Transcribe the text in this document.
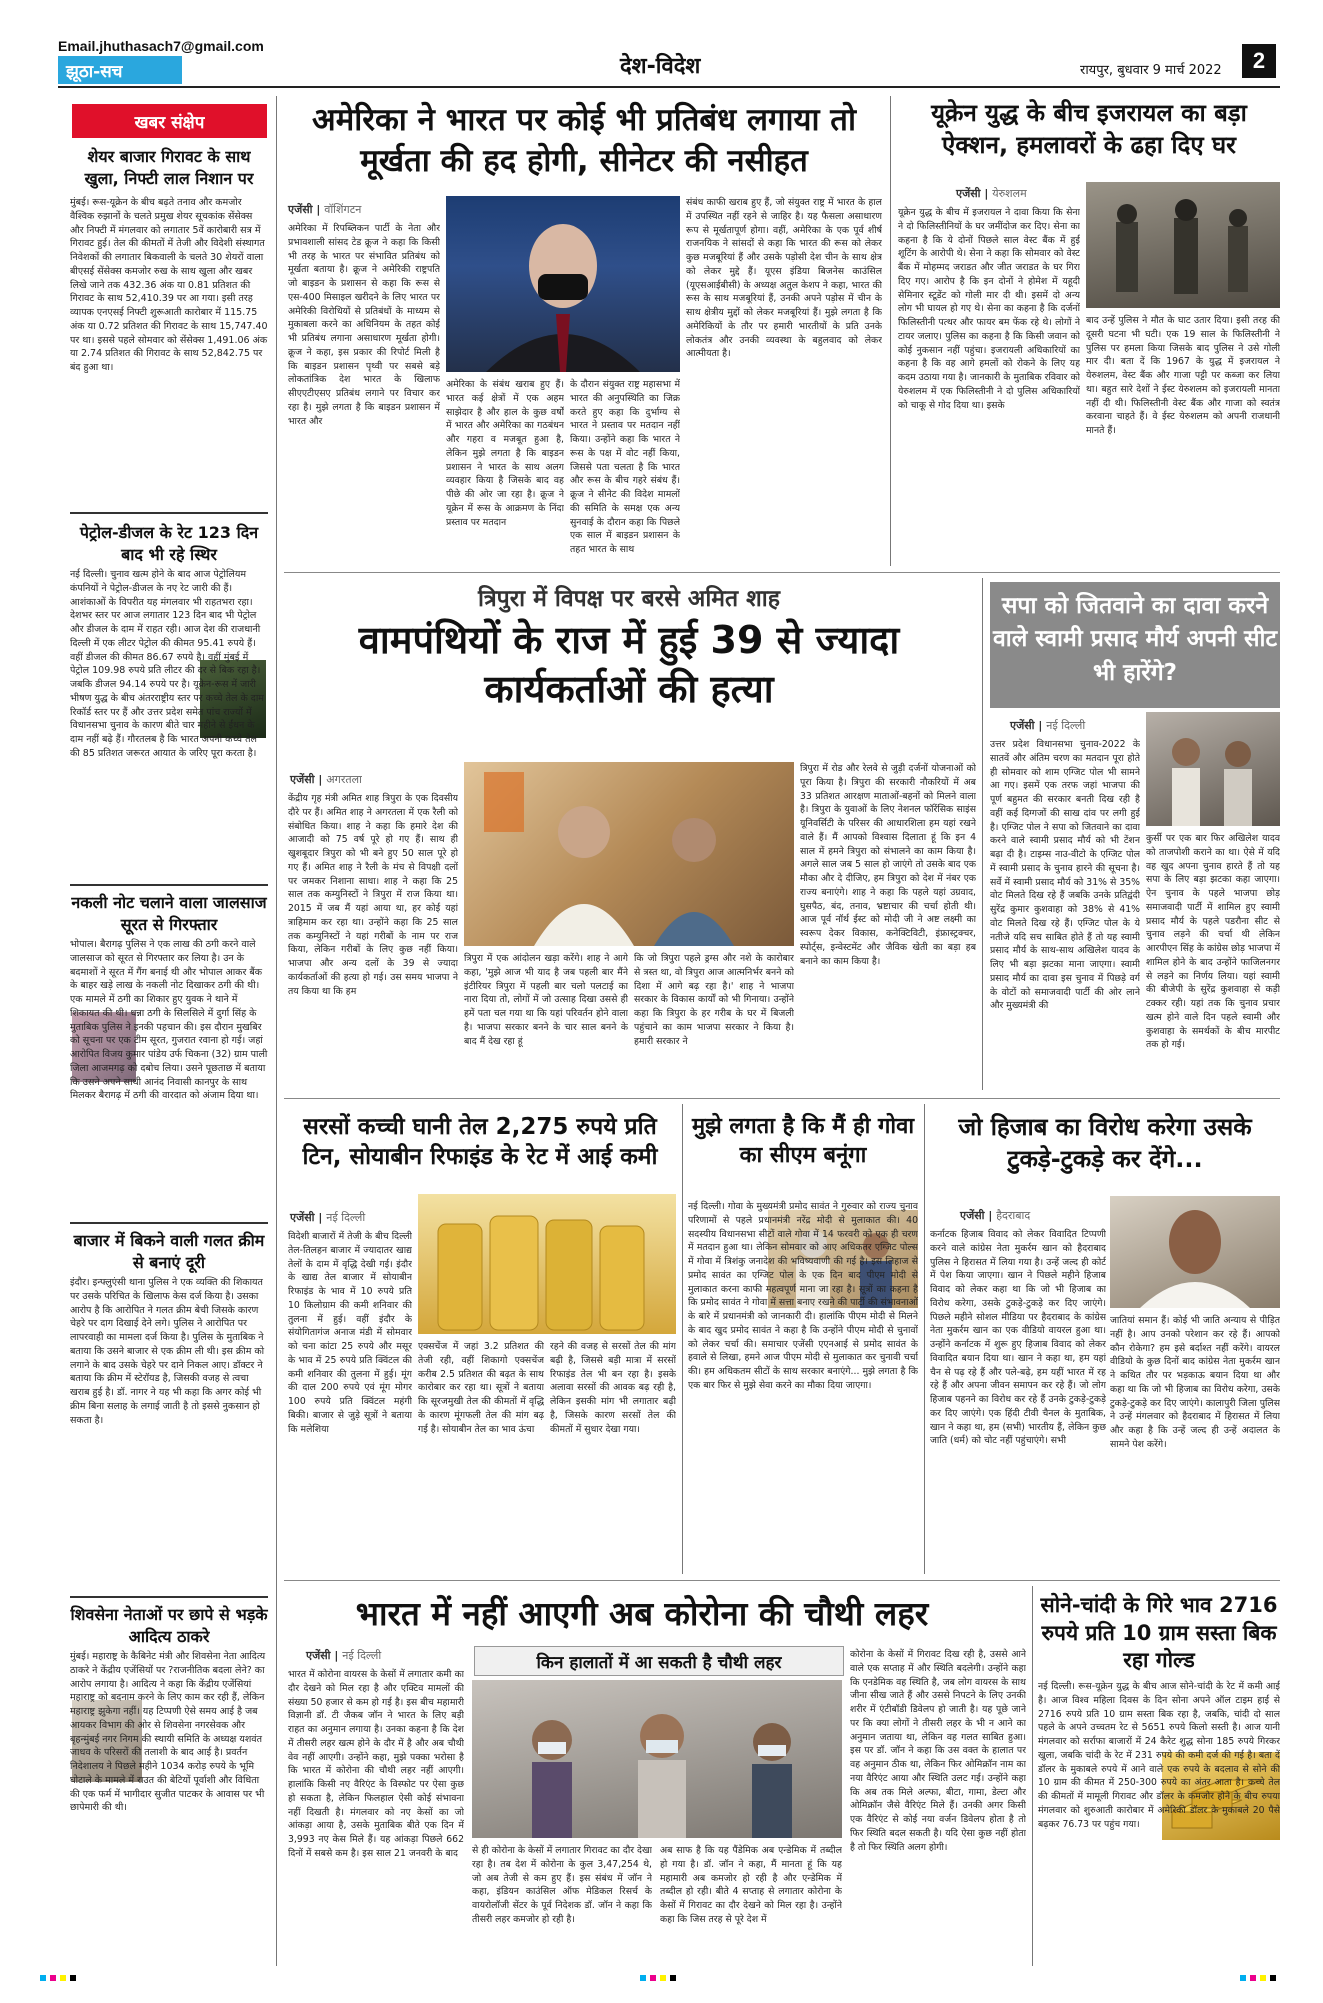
Email.jhuthasach7@gmail.com
झूठा-सच	देश-विदेश	रायपुर, बुधवार 9 मार्च 2022	2
खबर संक्षेप
शेयर बाजार गिरावट के साथ खुला, निफ्टी लाल निशान पर
मुंबई। रूस-यूक्रेन के बीच बढ़ते तनाव और कमजोर वैश्विक रुझानों के चलते प्रमुख शेयर सूचकांक सेंसेक्स और निफ्टी में मंगलवार को लगातार 5वें कारोबारी सत्र में गिरावट हुई। तेल की कीमतों में तेजी और विदेशी संस्थागत निवेशकों की लगातार बिकवाली के चलते 30 शेयरों वाला बीएसई सेंसेक्स कमजोर रुख के साथ खुला और खबर लिखे जाने तक 432.36 अंक या 0.81 प्रतिशत की गिरावट के साथ 52,410.39 पर आ गया। इसी तरह व्यापक एनएसई निफ्टी शुरूआती कारोबार में 115.75 अंक या 0.72 प्रतिशत की गिरावट के साथ 15,747.40 पर था। इससे पहले सोमवार को सेंसेक्स 1,491.06 अंक या 2.74 प्रतिशत की गिरावट के साथ 52,842.75 पर बंद हुआ था।
पेट्रोल-डीजल के रेट 123 दिन बाद भी रहे स्थिर
नई दिल्ली। चुनाव खत्म होने के बाद आज पेट्रोलियम कंपनियों ने पेट्रोल-डीजल के नए रेट जारी की हैं। आशंकाओं के विपरीत यह मंगलवार भी राहतभरा रहा। देशभर स्तर पर आज लगातार 123 दिन बाद भी पेट्रोल और डीजल के दाम में राहत रही। आज देश की राजधानी दिल्ली में एक लीटर पेट्रोल की कीमत 95.41 रुपये हैं। वहीं डीजल की कीमत 86.67 रुपये है। वहीं मुंबई में पेट्रोल 109.98 रुपये प्रति लीटर की दर से बिक रहा है। जबकि डीजल 94.14 रुपये पर है। यूक्रेन-रूस में जारी भीषण युद्ध के बीच अंतरराष्ट्रीय स्तर पर कच्चे तेल के दाम रिकॉर्ड स्तर पर हैं और उत्तर प्रदेश समेत पांच राज्यों में विधानसभा चुनाव के कारण बीते चार महीने से ईंधन के दाम नहीं बढ़े हैं। गौरतलब है कि भारत अपनी कच्चे तेल की 85 प्रतिशत जरूरत आयात के जरिए पूरा करता है।
नकली नोट चलाने वाला जालसाज सूरत से गिरफ्तार
भोपाल। बैरागढ़ पुलिस ने एक लाख की ठगी करने वाले जालसाज को सूरत से गिरफ्तार कर लिया है। उन के बदमाशों ने सूरत में गैंग बनाई थी और भोपाल आकर बैंक के बाहर खड़े लाख के नकली नोट दिखाकर ठगी की थी। एक मामले में ठगी का शिकार हुए युवक ने थाने में शिकायत की थी। धन्ना ठगी के सिलसिले में दुर्गा सिंह के मुताबिक पुलिस ने इनकी पहचान की। इस दौरान मुखबिर को सूचना पर एक टीम सूरत, गुजरात रवाना हो गई। जहां आरोपित विजय कुमार पांडेय उर्फ चिकना (32) ग्राम पाली जिला आजमगढ़ को दबोच लिया। उसने पूछताछ में बताया कि उसने अपने साथी आनंद निवासी कानपुर के साथ मिलकर बैरागढ़ में ठगी की वारदात को अंजाम दिया था।
बाजार में बिकने वाली गलत क्रीम से बनाएं दूरी
इंदौर। इन्फ्लुएंसी थाना पुलिस ने एक व्यक्ति की शिकायत पर उसके परिचित के खिलाफ केस दर्ज किया है। उसका आरोप है कि आरोपित ने गलत क्रीम बेची जिसके कारण चेहरे पर दाग दिखाई देने लगे। पुलिस ने आरोपित पर लापरवाही का मामला दर्ज किया है। पुलिस के मुताबिक ने बताया कि उसने बाजार से एक क्रीम ली थी। इस क्रीम को लगाने के बाद उसके चेहरे पर दाने निकल आए। डॉक्टर ने बताया कि क्रीम में स्टेरॉयड है, जिसकी वजह से त्वचा खराब हुई है। डॉ. नागर ने यह भी कहा कि अगर कोई भी क्रीम बिना सलाह के लगाई जाती है तो इससे नुकसान हो सकता है।
शिवसेना नेताओं पर छापे से भड़के आदित्य ठाकरे
मुंबई। महाराष्ट्र के कैबिनेट मंत्री और शिवसेना नेता आदित्य ठाकरे ने केंद्रीय एजेंसियों पर ?राजनीतिक बदला लेने? का आरोप लगाया है। आदित्य ने कहा कि केंद्रीय एजेंसियां महाराष्ट्र को बदनाम करने के लिए काम कर रही हैं, लेकिन महाराष्ट्र झुकेगा नहीं। यह टिप्पणी ऐसे समय आई है जब आयकर विभाग की ओर से शिवसेना नगरसेवक और बृहन्मुंबई नगर निगम की स्थायी समिति के अध्यक्ष यशवंत जाधव के परिसरों की तलाशी के बाद आई है। प्रवर्तन निदेशालय ने पिछले महीने 1034 करोड़ रुपये के भूमि घोटाले के मामले में राउत की बेटियों पूर्वाशी और विधिता की एक फर्म में भागीदार सुजीत पाटकर के आवास पर भी छापेमारी की थी।
अमेरिका ने भारत पर कोई भी प्रतिबंध लगाया तो मूर्खता की हद होगी, सीनेटर की नसीहत
एजेंसी | वॉशिंगटन
अमेरिका में रिपब्लिकन पार्टी के नेता और प्रभावशाली सांसद टेड क्रूज ने कहा कि किसी भी तरह के भारत पर संभावित प्रतिबंध को मूर्खता बताया है। क्रूज ने अमेरिकी राष्ट्रपति जो बाइडन के प्रशासन से कहा कि रूस से एस-400 मिसाइल खरीदने के लिए भारत पर अमेरिकी विरोधियों से प्रतिबंधों के माध्यम से मुकाबला करने का अधिनियम के तहत कोई भी प्रतिबंध लगाना असाधारण मूर्खता होगी। क्रूज ने कहा, इस प्रकार की रिपोर्ट मिली है कि बाइडन प्रशासन पृथ्वी पर सबसे बड़े लोकतांत्रिक देश भारत के खिलाफ सीएएटीएसए प्रतिबंध लगाने पर विचार कर रहा है। मुझे लगता है कि बाइडन प्रशासन में भारत और
अमेरिका के संबंध खराब हुए हैं। भारत कई क्षेत्रों में एक अहम साझेदार है और हाल के कुछ वर्षों में भारत और अमेरिका का गठबंधन और गहरा व मजबूत हुआ है, लेकिन मुझे लगता है कि बाइडन प्रशासन ने भारत के साथ अलग व्यवहार किया है जिसके बाद वह पीछे की ओर जा रहा है। क्रूज ने यूक्रेन में रूस के आक्रमण के निंदा प्रस्ताव पर मतदान
के दौरान संयुक्त राष्ट्र महासभा में भारत की अनुपस्थिति का जिक्र करते हुए कहा कि दुर्भाग्य से भारत ने प्रस्ताव पर मतदान नहीं किया। उन्होंने कहा कि भारत ने रूस के पक्ष में वोट नहीं किया, जिससे पता चलता है कि भारत और रूस के बीच गहरे संबंध हैं। क्रूज ने सीनेट की विदेश मामलों की समिति के समक्ष एक अन्य सुनवाई के दौरान कहा कि पिछले एक साल में बाइडन प्रशासन के तहत भारत के साथ
संबंध काफी खराब हुए हैं, जो संयुक्त राष्ट्र में भारत के हाल में उपस्थित नहीं रहने से जाहिर है। यह फैसला असाधारण रूप से मूर्खतापूर्ण होगा। वहीं, अमेरिका के एक पूर्व शीर्ष राजनयिक ने सांसदों से कहा कि भारत की रूस को लेकर कुछ मजबूरियां हैं और उसके पड़ोसी देश चीन के साथ क्षेत्र को लेकर मुद्दे हैं। यूएस इंडिया बिजनेस काउंसिल (यूएसआईबीसी) के अध्यक्ष अतुल केशप ने कहा, भारत की रूस के साथ मजबूरियां हैं, उनकी अपने पड़ोस में चीन के साथ क्षेत्रीय मुद्दों को लेकर मजबूरियां हैं। मुझे लगता है कि अमेरिकियों के तौर पर हमारी भारतीयों के प्रति उनके लोकतंत्र और उनकी व्यवस्था के बहुलवाद को लेकर आत्मीयता है।
यूक्रेन युद्ध के बीच इजरायल का बड़ा ऐक्शन, हमलावरों के ढहा दिए घर
एजेंसी | येरुशलम
यूक्रेन युद्ध के बीच में इजरायल ने दावा किया कि सेना ने दो फिलिस्तीनियों के घर जमींदोज कर दिए। सेना का कहना है कि ये दोनों पिछले साल वेस्ट बैंक में हुई शूटिंग के आरोपी थे। सेना ने कहा कि सोमवार को वेस्ट बैंक में मोहम्मद जराडत और जीत जराडत के घर गिरा दिए गए। आरोप है कि इन दोनों ने होमेश में यहूदी सेमिनार स्टूडेंट को गोली मार दी थी। इसमें दो अन्य लोग भी घायल हो गए थे। सेना का कहना है कि दर्जनों फिलिस्तीनी पत्थर और फायर बम फेंक रहे थे। लोगों ने टायर जलाए। पुलिस का कहना है कि किसी जवान को कोई नुकसान नहीं पहुंचा। इजरायली अधिकारियों का कहना है कि वह आगे हमलों को रोकने के लिए यह कदम उठाया गया है। जानकारी के मुताबिक रविवार को येरुशलम में एक फिलिस्तीनी ने दो पुलिस अधिकारियों को चाकू से गोद दिया था। इसके
बाद उन्हें पुलिस ने मौत के घाट उतार दिया। इसी तरह की दूसरी घटना भी घटी। एक 19 साल के फिलिस्तीनी ने पुलिस पर हमला किया जिसके बाद पुलिस ने उसे गोली मार दी। बता दें कि 1967 के युद्ध में इजरायल ने येरुशलम, वेस्ट बैंक और गाजा पट्टी पर कब्जा कर लिया था। बहुत सारे देशों ने ईस्ट येरुशलम को इजरायली मानता नहीं दी थी। फिलिस्तीनी वेस्ट बैंक और गाजा को स्वतंत्र करवाना चाहते हैं। वे ईस्ट येरुशलम को अपनी राजधानी मानते हैं।
त्रिपुरा में विपक्ष पर बरसे अमित शाह
वामपंथियों के राज में हुई 39 से ज्यादा कार्यकर्ताओं की हत्या
एजेंसी | अगरतला
केंद्रीय गृह मंत्री अमित शाह त्रिपुरा के एक दिवसीय दौरे पर हैं। अमित शाह ने अगरतला में एक रैली को संबोधित किया। शाह ने कहा कि हमारे देश की आजादी को 75 वर्ष पूरे हो गए हैं। साथ ही खुशबूदार त्रिपुरा को भी बने हुए 50 साल पूरे हो गए हैं। अमित शाह ने रैली के मंच से विपक्षी दलों पर जमकर निशाना साधा। शाह ने कहा कि 25 साल तक कम्युनिस्टों ने त्रिपुरा में राज किया था। 2015 में जब मैं यहां आया था, हर कोई यहां त्राहिमाम कर रहा था। उन्होंने कहा कि 25 साल तक कम्युनिस्टों ने यहां गरीबों के नाम पर राज किया, लेकिन गरीबों के लिए कुछ नहीं किया। भाजपा और अन्य दलों के 39 से ज्यादा कार्यकर्ताओं की हत्या हो गई। उस समय भाजपा ने तय किया था कि हम
त्रिपुरा में एक आंदोलन खड़ा करेंगे। शाह ने आगे कहा, 'मुझे आज भी याद है जब पहली बार मैंने इंटीरियर त्रिपुरा में पहली बार चलो पलटाई का नारा दिया तो, लोगों में जो उत्साह दिखा उससे ही हमें पता चल गया था कि यहां परिवर्तन होने वाला है। भाजपा सरकार बनने के चार साल बनने के बाद मैं देख रहा हूं
कि जो त्रिपुरा पहले ड्रग्स और नशे के कारोबार से त्रस्त था, वो त्रिपुरा आज आत्मनिर्भर बनने को दिशा में आगे बढ़ रहा है।' शाह ने भाजपा सरकार के विकास कार्यों को भी गिनाया। उन्होंने कहा कि त्रिपुरा के हर गरीब के घर में बिजली पहुंचाने का काम भाजपा सरकार ने किया है। हमारी सरकार ने
त्रिपुरा में रोड और रेलवे से जुड़ी दर्जनों योजनाओं को पूरा किया है। त्रिपुरा की सरकारी नौकरियों में अब 33 प्रतिशत आरक्षण माताओं-बहनों को मिलने वाला है। त्रिपुरा के युवाओं के लिए नेशनल फॉरेंसिक साइंस यूनिवर्सिटी के परिसर की आधारशिला हम यहां रखने वाले हैं। मैं आपको विश्वास दिलाता हूं कि इन 4 साल में हमने त्रिपुरा को संभालने का काम किया है। अगले साल जब 5 साल हो जाएंगे तो उसके बाद एक मौका और दे दीजिए, हम त्रिपुरा को देश में नंबर एक राज्य बनाएंगे। शाह ने कहा कि पहले यहां उग्रवाद, घुसपैठ, बंद, तनाव, भ्रष्टाचार की चर्चा होती थी। आज पूर्व नॉर्थ ईस्ट को मोदी जी ने अष्ट लक्ष्मी का स्वरूप देकर विकास, कनेक्टिविटी, इंफ्रास्ट्रक्चर, स्पोर्ट्स, इन्वेस्टमेंट और जैविक खेती का बड़ा हब बनाने का काम किया है।
सपा को जितवाने का दावा करने वाले स्वामी प्रसाद मौर्य अपनी सीट भी हारेंगे?
एजेंसी | नई दिल्ली
उत्तर प्रदेश विधानसभा चुनाव-2022 के सातवें और अंतिम चरण का मतदान पूरा होते ही सोमवार को शाम एग्जिट पोल भी सामने आ गए। इसमें एक तरफ जहां भाजपा की पूर्ण बहुमत की सरकार बनती दिख रही है वहीं कई दिग्गजों की साख दांव पर लगी हुई है। एग्जिट पोल ने सपा को जितवाने का दावा करने वाले स्वामी प्रसाद मौर्य को भी टेंशन बढ़ा दी है। टाइम्स नाउ-वीटो के एग्जिट पोल में स्वामी प्रसाद के चुनाव हारने की सूचना है। सर्वे में स्वामी प्रसाद मौर्य को 31% से 35% वोट मिलते दिख रहे हैं जबकि उनके प्रतिद्वंदी सुरेंद्र कुमार कुशवाहा को 38% से 41% वोट मिलते दिख रहे हैं। एग्जिट पोल के ये नतीजे यदि सच साबित होते हैं तो यह स्वामी प्रसाद मौर्य के साथ-साथ अखिलेश यादव के लिए भी बड़ा झटका माना जाएगा। स्वामी प्रसाद मौर्य का दावा इस चुनाव में पिछड़े वर्ग के वोटों को समाजवादी पार्टी की ओर लाने और मुख्यमंत्री की
कुर्सी पर एक बार फिर अखिलेश यादव को ताजपोशी कराने का था। ऐसे में यदि वह खुद अपना चुनाव हारते हैं तो यह सपा के लिए बड़ा झटका कहा जाएगा। ऐन चुनाव के पहले भाजपा छोड़ समाजवादी पार्टी में शामिल हुए स्वामी प्रसाद मौर्य के पहले पडरौना सीट से चुनाव लड़ने की चर्चा थी लेकिन आरपीएन सिंह के कांग्रेस छोड़ भाजपा में शामिल होने के बाद उन्होंने फाजिलनगर से लड़ने का निर्णय लिया। यहां स्वामी की बीजेपी के सुरेंद्र कुशवाहा से कड़ी टक्कर रही। यहां तक कि चुनाव प्रचार खत्म होने वाले दिन पहले स्वामी और कुशवाहा के समर्थकों के बीच मारपीट तक हो गई।
सरसों कच्ची घानी तेल 2,275 रुपये प्रति टिन, सोयाबीन रिफाइंड के रेट में आई कमी
एजेंसी | नई दिल्ली
विदेशी बाजारों में तेजी के बीच दिल्ली तेल-तिलहन बाजार में ज्यादातर खाद्य तेलों के दाम में वृद्धि देखी गई। इंदौर के खाद्य तेल बाजार में सोयाबीन रिफाइंड के भाव में 10 रुपये प्रति 10 किलोग्राम की कमी शनिवार की तुलना में हुई। वहीं इंदौर के संयोगितागंज अनाज मंडी में सोमवार को चना कांटा 25 रुपये और मसूर के भाव में 25 रुपये प्रति क्विंटल की कमी शनिवार की तुलना में हुई। मूंग की दाल 200 रुपये एवं मूंग मोगर 100 रुपये प्रति क्विंटल महंगी बिकी। बाजार से जुड़े सूत्रों ने बताया कि मलेशिया
एक्सचेंज में जहां 3.2 प्रतिशत की तेजी रही, वहीं शिकागो एक्सचेंज करीब 2.5 प्रतिशत की बढ़त के साथ कारोबार कर रहा था। सूत्रों ने बताया कि सूरजमुखी तेल की कीमतों में वृद्धि के कारण मूंगफली तेल की मांग बढ़ गई है। सोयाबीन तेल का भाव ऊंचा
रहने की वजह से सरसों तेल की मांग बढ़ी है, जिससे बड़ी मात्रा में सरसों रिफाइंड तेल भी बन रहा है। इसके अलावा सरसों की आवक बढ़ रही है, लेकिन इसकी मांग भी लगातार बढ़ी है, जिसके कारण सरसों तेल की कीमतों में सुधार देखा गया।
मुझे लगता है कि मैं ही गोवा का सीएम बनूंगा
नई दिल्ली। गोवा के मुख्यमंत्री प्रमोद सावंत ने गुरुवार को राज्य चुनाव परिणामों से पहले प्रधानमंत्री नरेंद्र मोदी से मुलाकात की। 40 सदस्यीय विधानसभा सीटों वाले गोवा में 14 फरवरी को एक ही चरण में मतदान हुआ था। लेकिन सोमवार को आए अधिकतर एग्जिट पोल्स में गोवा में त्रिशंकु जनादेश की भविष्यवाणी की गई है। इस लिहाज से प्रमोद सावंत का एग्जिट पोल के एक दिन बाद पीएम मोदी से मुलाकात करना काफी महत्वपूर्ण माना जा रहा है। सूत्रों का कहना है कि प्रमोद सावंत ने गोवा में सत्ता बनाए रखने की पार्टी की संभावनाओं के बारे में प्रधानमंत्री को जानकारी दी। हालांकि पीएम मोदी से मिलने के बाद खुद प्रमोद सावंत ने कहा है कि उन्होंने पीएम मोदी से चुनावों को लेकर चर्चा की। समाचार एजेंसी एएनआई से प्रमोद सावंत के हवाले से लिखा, हमने आज पीएम मोदी से मुलाकात कर चुनावी चर्चा की। हम अधिकतम सीटों के साथ सरकार बनाएंगे... मुझे लगता है कि एक बार फिर से मुझे सेवा करने का मौका दिया जाएगा।
जो हिजाब का विरोध करेगा उसके टुकड़े-टुकड़े कर देंगे...
एजेंसी | हैदराबाद
कर्नाटक हिजाब विवाद को लेकर विवादित टिप्पणी करने वाले कांग्रेस नेता मुकर्रम खान को हैदराबाद पुलिस ने हिरासत में लिया गया है। उन्हें जल्द ही कोर्ट में पेश किया जाएगा। खान ने पिछले महीने हिजाब विवाद को लेकर कहा था कि जो भी हिजाब का विरोध करेगा, उसके टुकड़े-टुकड़े कर दिए जाएंगे। पिछले महीने सोशल मीडिया पर हैदराबाद के कांग्रेस नेता मुकर्रम खान का एक वीडियो वायरल हुआ था। उन्होंने कर्नाटक में शुरू हुए हिजाब विवाद को लेकर विवादित बयान दिया था। खान ने कहा था, हम यहां चैन से पढ़ रहे हैं और पले-बढ़े, हम यहीं भारत में रह रहे हैं और अपना जीवन समापन कर रहे हैं। जो लोग हिजाब पहनने का विरोध कर रहे हैं उनके टुकड़े-टुकड़े कर दिए जाएंगे। एक हिंदी टीवी चैनल के मुताबिक, खान ने कहा था, हम (सभी) भारतीय हैं, लेकिन कुछ जाति (धर्म) को चोट नहीं पहुंचाएंगे। सभी
जातियां समान हैं। कोई भी जाति अन्याय से पीड़ित नहीं है। आप उनको परेशान कर रहे हैं। आपको कौन रोकेगा? हम इसे बर्दाश्त नहीं करेंगे। वायरल वीडियो के कुछ दिनों बाद कांग्रेस नेता मुकर्रम खान ने कथित तौर पर भड़काऊ बयान दिया था और कहा था कि जो भी हिजाब का विरोध करेगा, उसके टुकड़े-टुकड़े कर दिए जाएंगे। कालापुरी जिला पुलिस ने उन्हें मंगलवार को हैदराबाद में हिरासत में लिया और कहा है कि उन्हें जल्द ही उन्हें अदालत के सामने पेश करेंगे।
भारत में नहीं आएगी अब कोरोना की चौथी लहर
किन हालातों में आ सकती है चौथी लहर
एजेंसी | नई दिल्ली
भारत में कोरोना वायरस के केसों में लगातार कमी का दौर देखने को मिल रहा है और एक्टिव मामलों की संख्या 50 हजार से कम हो गई है। इस बीच महामारी विज्ञानी डॉ. टी जैकब जॉन ने भारत के लिए बड़ी राहत का अनुमान लगाया है। उनका कहना है कि देश में तीसरी लहर खत्म होने के दौर में है और अब चौथी वेव नहीं आएगी। उन्होंने कहा, मुझे पक्का भरोसा है कि भारत में कोरोना की चौथी लहर नहीं आएगी। हालांकि किसी नए वैरिएंट के विस्फोट पर ऐसा कुछ हो सकता है, लेकिन फिलहाल ऐसी कोई संभावना नहीं दिखती है। मंगलवार को नए केसों का जो आंकड़ा आया है, उसके मुताबिक बीते एक दिन में 3,993 नए केस मिले हैं। यह आंकड़ा पिछले 662 दिनों में सबसे कम है। इस साल 21 जनवरी के बाद	से ही कोरोना के केसों में लगातार गिरावट का दौर देखा रहा है। तब देश में कोरोना के कुल 3,47,254 थे, जो अब तेजी से कम हुए हैं। इस संबंध में जॉन ने कहा, इंडियन काउंसिल ऑफ मेडिकल रिसर्च के वायरोलॉजी सेंटर के पूर्व निदेशक डॉ. जॉन ने कहा कि तीसरी लहर कमजोर हो रही है।
अब साफ है कि यह पैंडेमिक अब एन्डेमिक में तब्दील हो गया है। डॉ. जॉन ने कहा, मैं मानता हूं कि यह महामारी अब कमजोर हो रही है और एन्डेमिक में तब्दील हो रही। बीते 4 सप्ताह से लगातार कोरोना के केसों में गिरावट का दौर देखने को मिल रहा है। उन्होंने कहा कि जिस तरह से पूरे देश में
कोरोना के केसों में गिरावट दिख रही है, उससे आने वाले एक सप्ताह में और स्थिति बदलेगी। उन्होंने कहा कि एनडेमिक वह स्थिति है, जब लोग वायरस के साथ जीना सीख जाते हैं और उससे निपटने के लिए उनकी शरीर में एंटीबॉडी डिवेलप हो जाती है। यह पूछे जाने पर कि क्या लोगों ने तीसरी लहर के भी न आने का अनुमान जताया था, लेकिन वह गलत साबित हुआ। इस पर डॉ. जॉन ने कहा कि उस वक्त के हालात पर वह अनुमान ठीक था, लेकिन फिर ओमिक्रॉन नाम का नया वैरिएंट आया और स्थिति उलट गई। उन्होंने कहा कि अब तक मिले अल्फा, बीटा, गामा, डेल्टा और ओमिक्रॉन जैसे वैरिएंट मिले हैं। उनकी अगर किसी एक वैरिएंट से कोई नया वर्जन डिवेलप होता है तो फिर स्थिति बदल सकती है। यदि ऐसा कुछ नहीं होता है तो फिर स्थिति अलग होगी।
सोने-चांदी के गिरे भाव 2716 रुपये प्रति 10 ग्राम सस्ता बिक रहा गोल्ड
नई दिल्ली। रूस-यूक्रेन युद्ध के बीच आज सोने-चांदी के रेट में कमी आई है। आज विश्व महिला दिवस के दिन सोना अपने ऑल टाइम हाई से 2716 रुपये प्रति 10 ग्राम सस्ता बिक रहा है, जबकि, चांदी दो साल पहले के अपने उच्चतम रेट से 5651 रुपये किलो सस्ती है। आज यानी मंगलवार को सर्राफा बाजारों में 24 कैरेट शुद्ध सोना 185 रुपये गिरकर खुला, जबकि चांदी के रेट में 231 रुपये की कमी दर्ज की गई है। बता दें डॉलर के मुकाबले रुपये में आने वाले एक रुपये के बदलाव से सोने की 10 ग्राम की कीमत में 250-300 रुपये का अंतर आता है। कच्चे तेल की कीमतों में मामूली गिरावट और डॉलर के कमजोर होने के बीच रुपया मंगलवार को शुरुआती कारोबार में अमेरिकी डॉलर के मुकाबले 20 पैसे बढ़कर 76.73 पर पहुंच गया।
